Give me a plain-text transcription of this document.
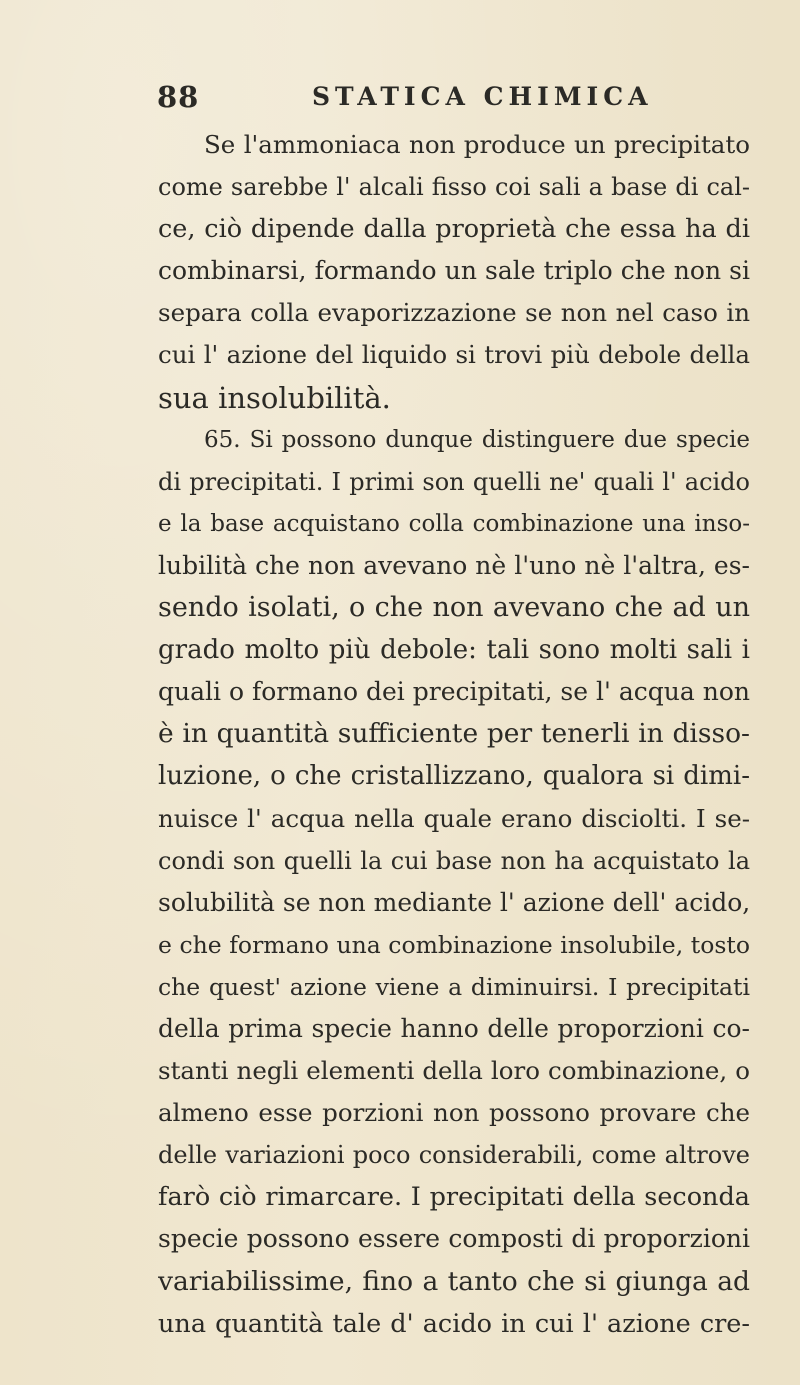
88	STATICA CHIMICA
Se l'ammoniaca non produce un precipitato
come sarebbe l' alcali fisso coi sali a base di cal-
ce, ciò dipende dalla proprietà che essa ha di
combinarsi, formando un sale triplo che non si
separa colla evaporizzazione se non nel caso in
cui l' azione del liquido si trovi più debole della
sua insolubilità.
65. Si possono dunque distinguere due specie
di precipitati. I primi son quelli ne' quali l' acido
e la base acquistano colla combinazione una inso-
lubilità che non avevano nè l'uno nè l'altra, es-
sendo isolati, o che non avevano che ad un
grado molto più debole: tali sono molti sali i
quali o formano dei precipitati, se l' acqua non
è in quantità sufficiente per tenerli in disso-
luzione, o che cristallizzano, qualora si dimi-
nuisce l' acqua nella quale erano disciolti. I se-
condi son quelli la cui base non ha acquistato la
solubilità se non mediante l' azione dell' acido,
e che formano una combinazione insolubile, tosto
che quest' azione viene a diminuirsi. I precipitati
della prima specie hanno delle proporzioni co-
stanti negli elementi della loro combinazione, o
almeno esse porzioni non possono provare che
delle variazioni poco considerabili, come altrove
farò ciò rimarcare. I precipitati della seconda
specie possono essere composti di proporzioni
variabilissime, fino a tanto che si giunga ad
una quantità tale d' acido in cui l' azione cre-
